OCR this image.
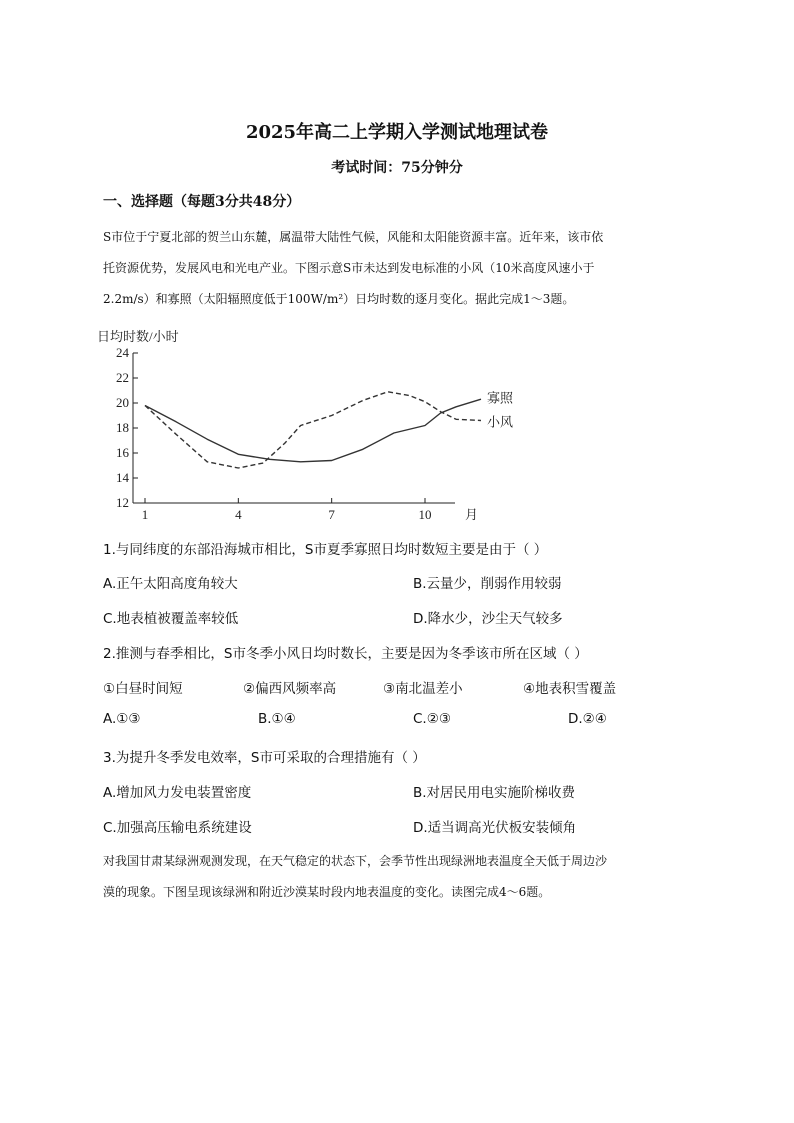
2025年高二上学期入学测试地理试卷
考试时间：75分钟分
一、选择题（每题3分共48分）
S市位于宁夏北部的贺兰山东麓，属温带大陆性气候，风能和太阳能资源丰富。近年来，该市依
托资源优势，发展风电和光电产业。下图示意S市未达到发电标准的小风（10米高度风速小于
2.2m/s）和寡照（太阳辐照度低于100W/m²）日均时数的逐月变化。据此完成1～3题。
12
14
16
18
20
22
24
1	4	7	10
日均时数/小时
月
寡照
小风
1.与同纬度的东部沿海城市相比，S市夏季寡照日均时数短主要是由于（ ）
A.正午太阳高度角较大	B.云量少，削弱作用较弱
C.地表植被覆盖率较低	D.降水少，沙尘天气较多
2.推测与春季相比，S市冬季小风日均时数长，主要是因为冬季该市所在区域（ ）
①白昼时间短	②偏西风频率高	③南北温差小	④地表积雪覆盖
A.①③	B.①④	C.②③	D.②④
3.为提升冬季发电效率，S市可采取的合理措施有（ ）
A.增加风力发电装置密度	B.对居民用电实施阶梯收费
C.加强高压输电系统建设	D.适当调高光伏板安装倾角
对我国甘肃某绿洲观测发现，在天气稳定的状态下，会季节性出现绿洲地表温度全天低于周边沙
漠的现象。下图呈现该绿洲和附近沙漠某时段内地表温度的变化。读图完成4～6题。
